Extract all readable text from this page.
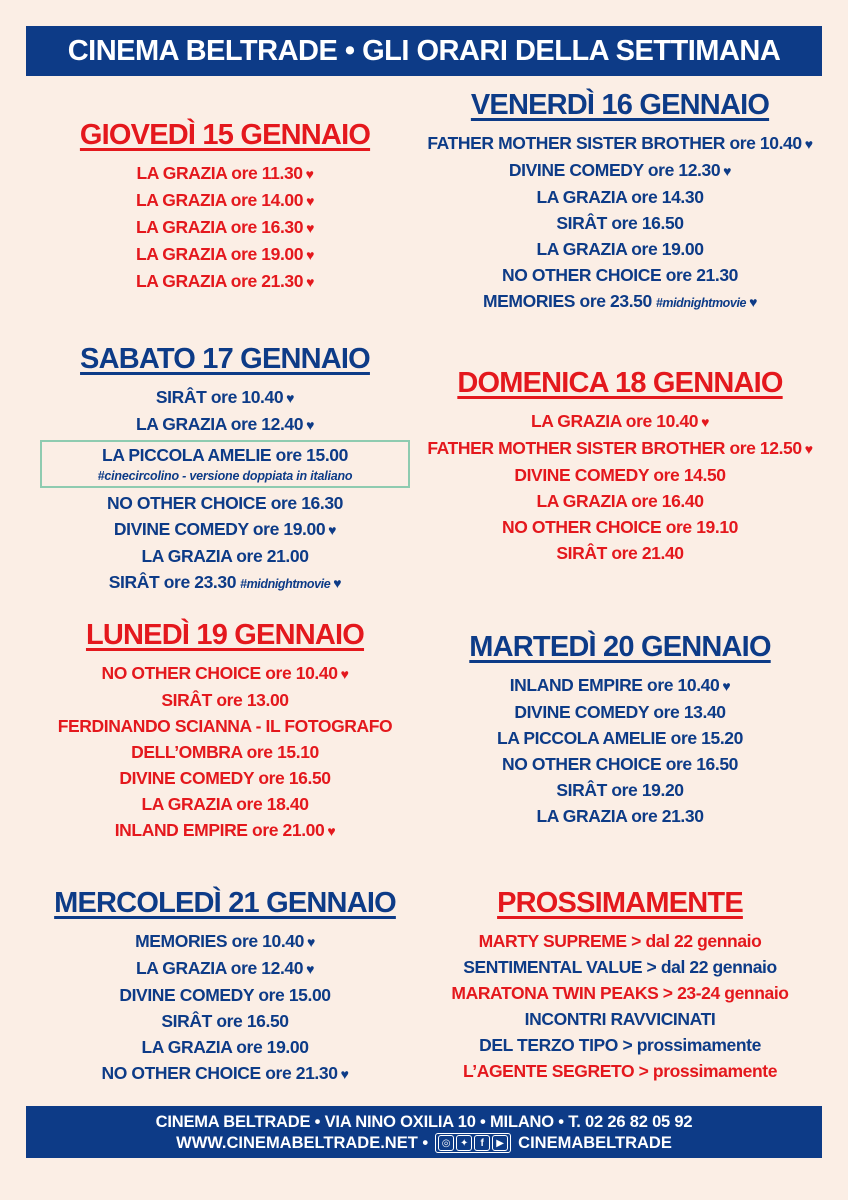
CINEMA BELTRADE • GLI ORARI DELLA SETTIMANA
GIOVEDÌ 15 GENNAIO
LA GRAZIA ore 11.30 ♥
LA GRAZIA ore 14.00 ♥
LA GRAZIA ore 16.30 ♥
LA GRAZIA ore 19.00 ♥
LA GRAZIA ore 21.30 ♥
VENERDÌ 16 GENNAIO
FATHER MOTHER SISTER BROTHER ore 10.40 ♥
DIVINE COMEDY ore 12.30 ♥
LA GRAZIA ore 14.30
SIRÂT ore 16.50
LA GRAZIA ore 19.00
NO OTHER CHOICE ore 21.30
MEMORIES ore 23.50 #midnightmovie ♥
SABATO 17 GENNAIO
SIRÂT ore 10.40 ♥
LA GRAZIA ore 12.40 ♥
LA PICCOLA AMELIE ore 15.00
#cinecircolino - versione doppiata in italiano
NO OTHER CHOICE ore 16.30
DIVINE COMEDY ore 19.00 ♥
LA GRAZIA ore 21.00
SIRÂT ore 23.30 #midnightmovie ♥
DOMENICA 18 GENNAIO
LA GRAZIA ore 10.40 ♥
FATHER MOTHER SISTER BROTHER ore 12.50 ♥
DIVINE COMEDY ore 14.50
LA GRAZIA ore 16.40
NO OTHER CHOICE ore 19.10
SIRÂT ore 21.40
LUNEDÌ 19 GENNAIO
NO OTHER CHOICE ore 10.40 ♥
SIRÂT ore 13.00
FERDINANDO SCIANNA - IL FOTOGRAFO
DELL’OMBRA ore 15.10
DIVINE COMEDY ore 16.50
LA GRAZIA ore 18.40
INLAND EMPIRE ore 21.00 ♥
MARTEDÌ 20 GENNAIO
INLAND EMPIRE ore 10.40 ♥
DIVINE COMEDY ore 13.40
LA PICCOLA AMELIE ore 15.20
NO OTHER CHOICE ore 16.50
SIRÂT ore 19.20
LA GRAZIA ore 21.30
MERCOLEDÌ 21 GENNAIO
MEMORIES ore 10.40 ♥
LA GRAZIA ore 12.40 ♥
DIVINE COMEDY ore 15.00
SIRÂT ore 16.50
LA GRAZIA ore 19.00
NO OTHER CHOICE ore 21.30 ♥
PROSSIMAMENTE
MARTY SUPREME > dal 22 gennaio
SENTIMENTAL VALUE > dal 22 gennaio
MARATONA TWIN PEAKS > 23-24 gennaio
INCONTRI RAVVICINATI
DEL TERZO TIPO > prossimamente
L’AGENTE SEGRETO > prossimamente
CINEMA BELTRADE • VIA NINO OXILIA 10 • MILANO • T. 02 26 82 05 92
WWW.CINEMABELTRADE.NET •	◎ ✦	f	▶ CINEMABELTRADE
